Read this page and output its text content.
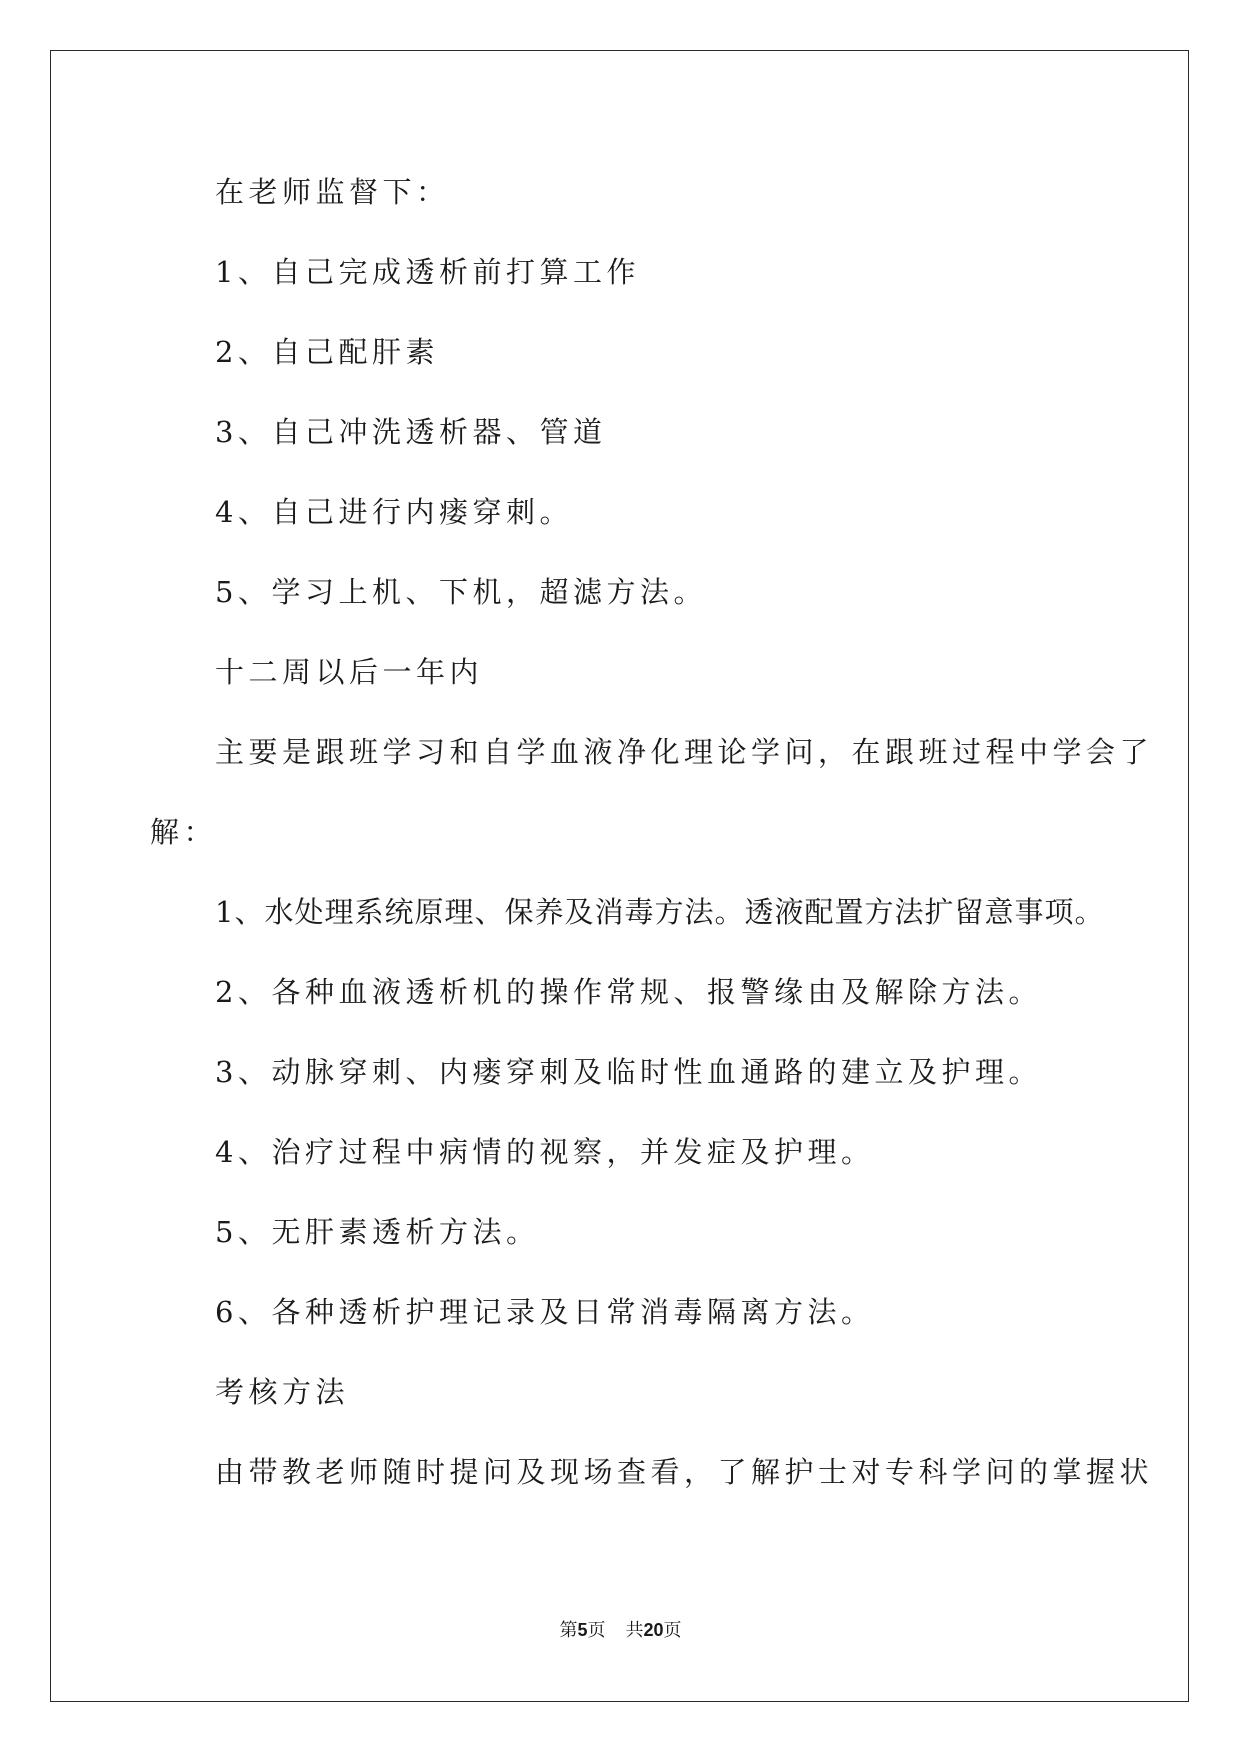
在老师监督下：
1、自己完成透析前打算工作
2、自己配肝素
3、自己冲洗透析器、管道
4、自己进行内瘘穿刺。
5、学习上机、下机，超滤方法。
十二周以后一年内
主要是跟班学习和自学血液净化理论学问，在跟班过程中学会了
解：
1、水处理系统原理、保养及消毒方法。透液配置方法扩留意事项。
2、各种血液透析机的操作常规、报警缘由及解除方法。
3、动脉穿刺、内瘘穿刺及临时性血通路的建立及护理。
4、治疗过程中病情的视察，并发症及护理。
5、无肝素透析方法。
6、各种透析护理记录及日常消毒隔离方法。
考核方法
由带教老师随时提问及现场查看，了解护士对专科学问的掌握状
第5页 共20页
